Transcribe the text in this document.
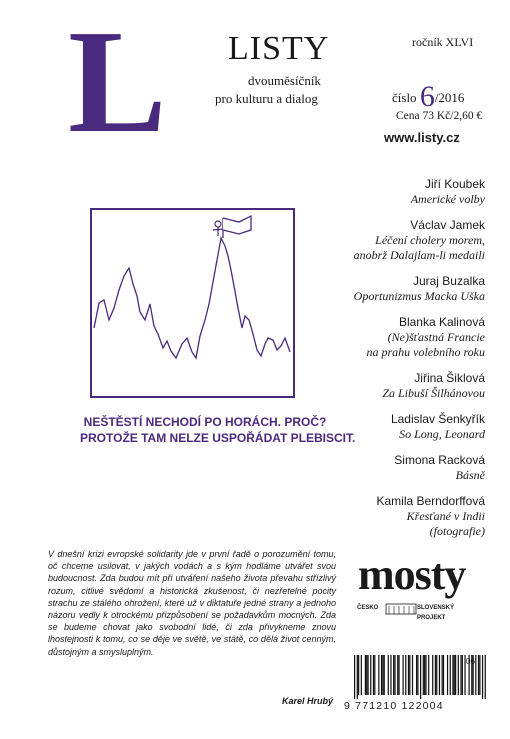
L LISTY
dvouměsíčník
pro kulturu a dialog
ročník XLVI
číslo 6/2016
Cena 73 Kč/2,60 €
www.listy.cz
Jiří Koubek
Americké volby
Václav Jamek
Léčení cholery morem,
anobrž Dalajlam-li medaili
Juraj Buzalka
Oportunizmus Macka Uška
Blanka Kalinová
(Ne)šťastná Francie
na prahu volebního roku
Jiřina Šiklová
Za Libuší Šilhánovou
Ladislav Šenkyřík
So Long, Leonard
Simona Racková
Básně
Kamila Berndorffová
Křesťané v Indii
(fotografie)
NEŠTĚSTÍ NECHODÍ PO HORÁCH. PROČ?
PROTOŽE TAM NELZE USPOŘÁDAT PLEBISCIT.
V dnešní krizi evropské solidarity jde v první řadě o porozumění tomu, oč chceme usilovat, v jakých vodách a s kým hodláme utvářet svou budoucnost. Zda budou mít při utváření našeho života převahu střízlivý rozum, citlivé svědomí a historická zkušenost, či nezřetelné pocity strachu ze stálého ohrožení, které už v diktatuře jedné strany a jednoho názoru vedly k otrockému přizpůsobení se požadavkům mocných. Zda se budeme chovat jako svobodní lidé, či zda přivykneme znovu lhostejnosti k tomu, co se děje ve světě, ve státě, co dělá život cenným, důstojným a smysluplným.
Karel Hrubý
mosty
ČESKO	SLOVENSKÝ
PROJEKT
9 771210 122004
06
